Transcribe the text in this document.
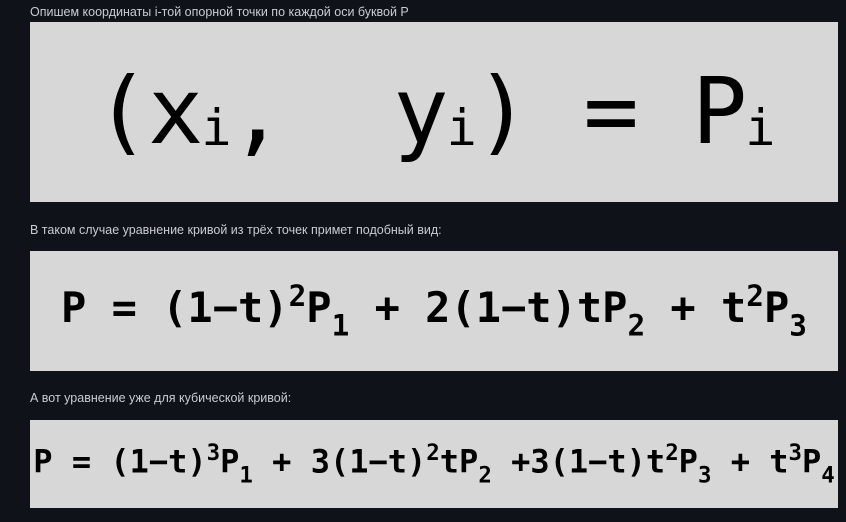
Опишем координаты i-той опорной точки по каждой оси буквой P
(xi, yi) = Pi
В таком случае уравнение кривой из трёх точек примет подобный вид:
$P = (1-t)^2P_1 + 2(1-t)tP_2 + t^2P_3$
А вот уравнение уже для кубической кривой:
$P = (1-t)^3P_1 + 3(1-t)^2tP_2 +3(1-t)t^2P_3 + t^3P_4$
